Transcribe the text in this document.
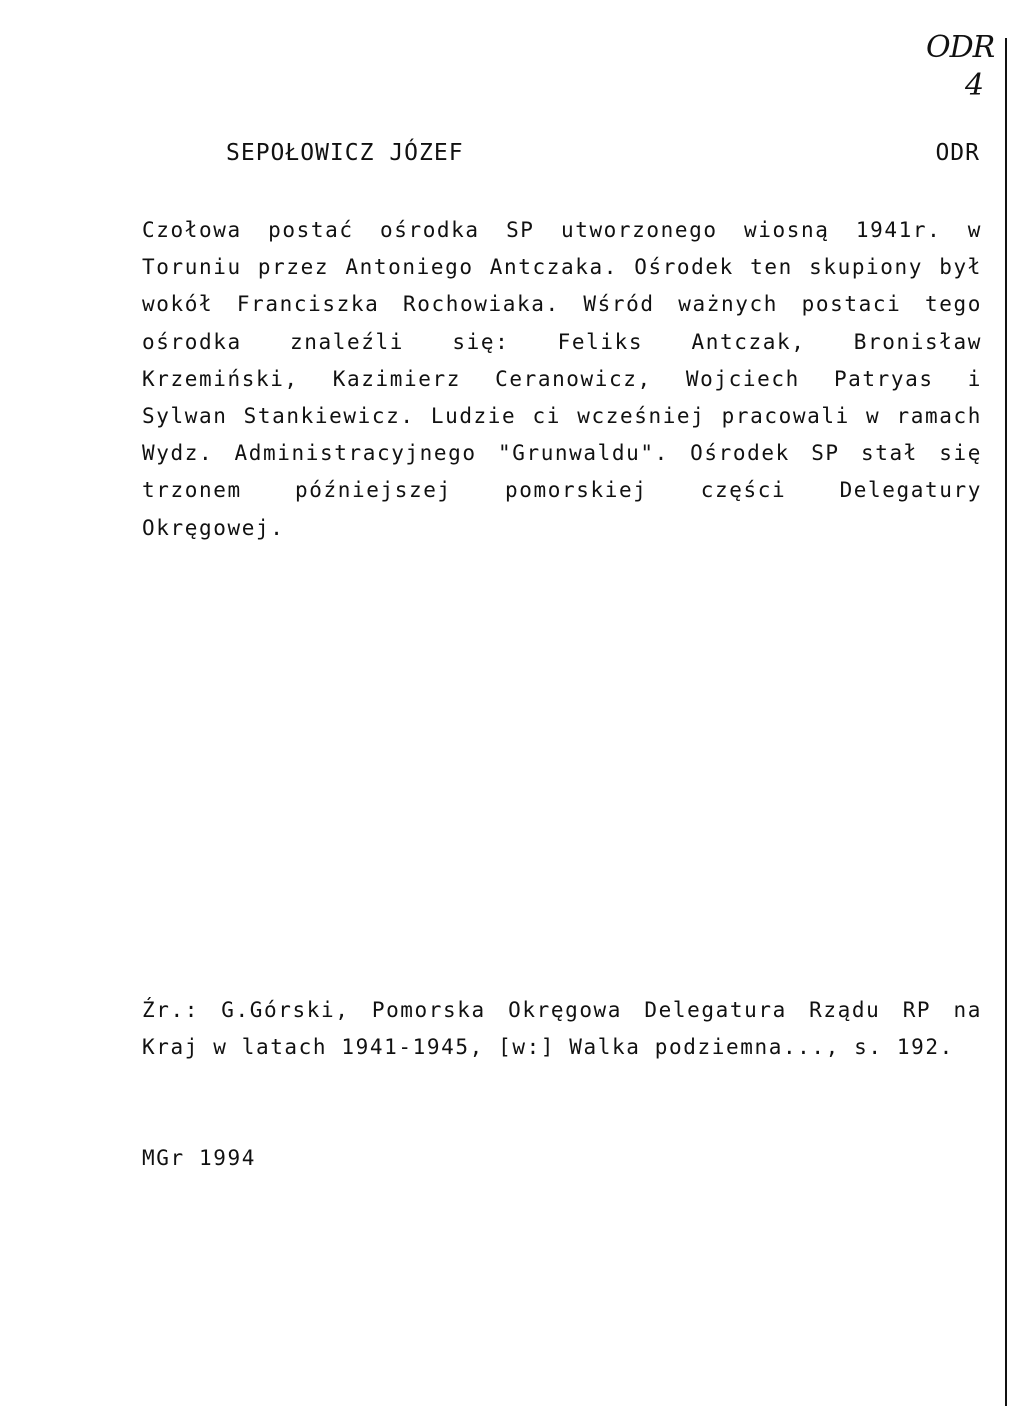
ODR
4
SEPOŁOWICZ JÓZEF	ODR
Czołowa postać ośrodka SP utworzonego wiosną 1941r. w Toruniu przez Antoniego Antczaka. Ośrodek ten skupiony był wokół Franciszka Rochowiaka. Wśród ważnych postaci tego ośrodka znaleźli się: Feliks Antczak, Bronisław Krzemiński, Kazimierz Ceranowicz, Wojciech Patryas i Sylwan Stankiewicz. Ludzie ci wcześniej pracowali w ramach Wydz. Administracyjnego "Grunwaldu". Ośrodek SP stał się trzonem późniejszej pomorskiej części Delegatury Okręgowej.
Źr.: G.Górski, Pomorska Okręgowa Delegatura Rządu RP na Kraj w latach 1941-1945, [w:] Walka podziemna..., s. 192.
MGr 1994
